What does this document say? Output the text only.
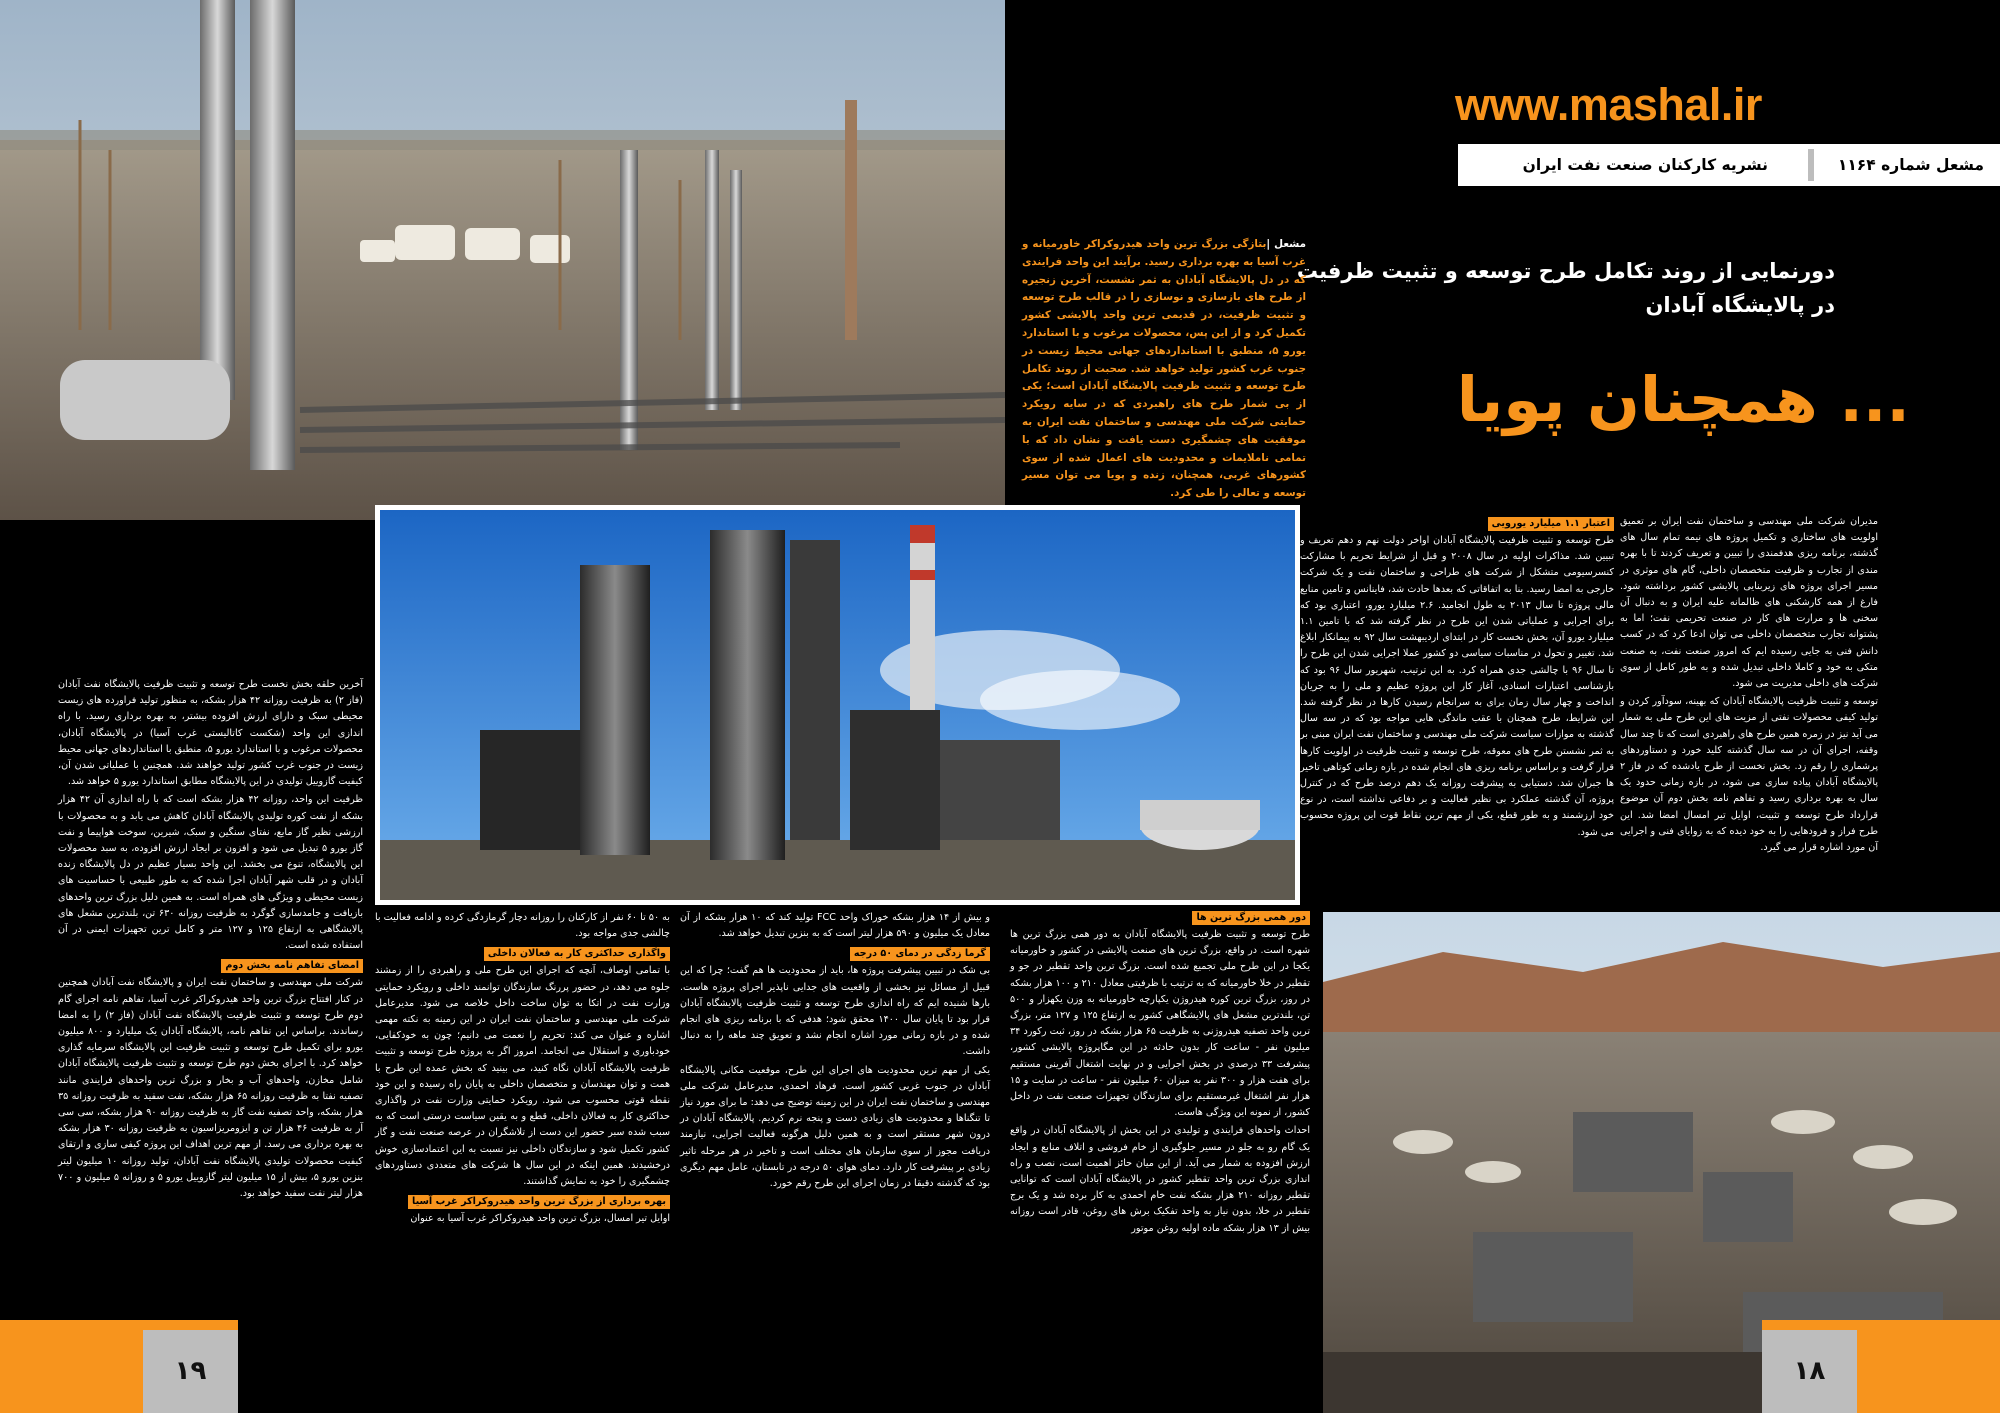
www.mashal.ir
نشریه کارکنان صنعت نفت ایران	مشعل شماره ۱۱۶۴
دورنمایی از روند تکامل طرح توسعه و تثبیت ظرفیت
در پالایشگاه آبادان
... همچنان پویا
مشعل |بتازگی بزرگ ترین واحد هیدروکراکر خاورمیانه و غرب آسیا به بهره برداری رسید. برآیند این واحد فرایندی که در دل پالایشگاه آبادان به ثمر نشست، آخرین زنجیره از طرح های بازسازی و نوسازی را در قالب طرح توسعه و تثبیت ظرفیت، در قدیمی ترین واحد پالایشی کشور تکمیل کرد و از این پس، محصولات مرغوب و با استاندارد یورو ۵، منطبق با استانداردهای جهانی محیط زیست در جنوب غرب کشور تولید خواهد شد. صحبت از روند تکامل طرح توسعه و تثبیت ظرفیت پالایشگاه آبادان است؛ یکی از بی شمار طرح های راهبردی که در سایه رویکرد حمایتی شرکت ملی مهندسی و ساختمان نفت ایران به موفقیت های چشمگیری دست یافت و نشان داد که با تمامی ناملایمات و محدودیت های اعمال شده از سوی کشورهای غربی، همچنان، زنده و پویا می توان مسیر توسعه و تعالی را طی کرد.

مدیران شرکت ملی مهندسی و ساختمان نفت ایران بر تعمیق اولویت های ساختاری و تکمیل پروژه های نیمه تمام سال های گذشته، برنامه ریزی هدفمندی را تبیین و تعریف کردند تا با بهره مندی از تجارب و ظرفیت متخصصان داخلی، گام های موثری در مسیر اجرای پروژه های زیربنایی پالایشی کشور برداشته شود. فارغ از همه کارشکنی های ظالمانه علیه ایران و به دنبال آن سخنی ها و مرارت های کار در صنعت تحریمی نفت؛ اما به پشتوانه تجارب متخصصان داخلی می توان ادعا کرد که در کسب دانش فنی به جایی رسیده ایم که امروز صنعت نفت، به صنعت متکی به خود و کاملا داخلی تبدیل شده و به طور کامل از سوی شرکت های داخلی مدیریت می شود.

توسعه و تثبیت ظرفیت پالایشگاه آبادان که بهینه، سودآور کردن و تولید کیفی محصولات نفتی از مزیت های این طرح ملی به شمار می آید نیز در زمره همین طرح های راهبردی است که تا چند سال وقفه، اجرای آن در سه سال گذشته کلید خورد و دستاوردهای پرشماری را رقم زد. بخش نخست از طرح یادشده که در فاز ۲ پالایشگاه آبادان پیاده سازی می شود، در بازه زمانی حدود یک سال به بهره برداری رسید و تفاهم نامه بخش دوم آن موضوع قرارداد طرح توسعه و تثبیت، اوایل تیر امسال امضا شد. این طرح فراز و فرودهایی را به خود دیده که به زوایای فنی و اجرایی آن مورد اشاره قرار می گیرد.

اعتبار ۱.۱ میلیارد یورویی

طرح توسعه و تثبیت ظرفیت پالایشگاه آبادان اواخر دولت نهم و دهم تعریف و تبیین شد. مذاکرات اولیه در سال ۲۰۰۸ و قبل از شرایط تحریم با مشارکت کنسرسیومی متشکل از شرکت های طراحی و ساختمان نفت و یک شرکت خارجی به امضا رسید. بنا به اتفاقاتی که بعدها حادث شد، فاینانس و تامین منابع مالی پروژه تا سال ۲۰۱۳ به طول انجامید. ۲.۶ میلیارد یورو، اعتباری بود که برای اجرایی و عملیاتی شدن این طرح در نظر گرفته شد که با تامین ۱.۱ میلیارد یورو آن، بخش نخست کار در ابتدای اردیبهشت سال ۹۲ به پیمانکار ابلاغ شد. تغییر و تحول در مناسبات سیاسی دو کشور عملا اجرایی شدن این طرح را تا سال ۹۶ با چالشی جدی همراه کرد. به این ترتیب، شهریور سال ۹۶ بود که بازشناسی اعتبارات اسنادی، آغاز کار این پروژه عظیم و ملی را به جریان انداخت و چهار سال زمان برای به سرانجام رسیدن کارها در نظر گرفته شد. این شرایط، طرح همچنان با عقب ماندگی هایی مواجه بود که در سه سال گذشته به موازات سیاست شرکت ملی مهندسی و ساختمان نفت ایران مبنی بر به ثمر نشستن طرح های معوقه، طرح توسعه و تثبیت ظرفیت در اولویت کارها قرار گرفت و براساس برنامه ریزی های انجام شده در بازه زمانی کوتاهی تاخیر ها جبران شد. دستیابی به پیشرفت روزانه یک دهم درصد طرح که در کنترل پروژه، آن گذشته عملکرد بی نظیر فعالیت و بر دفاعی نداشته است، در نوع خود ارزشمند و به طور قطع، یکی از مهم ترین نقاط قوت این پروژه محسوب می شود.

دور همی بزرگ ترین ها

طرح توسعه و تثبیت ظرفیت پالایشگاه آبادان به دور همی بزرگ ترین ها شهره است. در واقع، بزرگ ترین های صنعت پالایشی در کشور و خاورمیانه یکجا در این طرح ملی تجمیع شده است. بزرگ ترین واحد تقطیر در جو و تقطیر در خلا خاورمیانه که به ترتیب با ظرفیتی معادل ۲۱۰ و ۱۰۰ هزار بشکه در روز، بزرگ ترین کوره هیدروژن یکپارچه خاورمیانه به وزن یکهزار و ۵۰۰ تن، بلندترین مشعل های پالایشگاهی کشور به ارتفاع ۱۲۵ و ۱۲۷ متر، بزرگ ترین واحد تصفیه هیدروژنی به ظرفیت ۶۵ هزار بشکه در روز، ثبت رکورد ۳۴ میلیون نفر - ساعت کار بدون حادثه در این مگاپروژه پالایشی کشور، پیشرفت ۳۳ درصدی در بخش اجرایی و در نهایت اشتغال آفرینی مستقیم برای هفت هزار و ۳۰۰ نفر به میزان ۶۰ میلیون نفر - ساعت در سایت و ۱۵ هزار نفر اشتغال غیرمستقیم برای سازندگان تجهیزات صنعت نفت در داخل کشور، از نمونه این ویژگی هاست.

احداث واحدهای فرایندی و تولیدی در این بخش از پالایشگاه آبادان در واقع یک گام رو به جلو در مسیر جلوگیری از خام فروشی و اتلاف منابع و ایجاد ارزش افزوده به شمار می آید. از این میان حائز اهمیت است، نصب و راه اندازی بزرگ ترین واحد تقطیر کشور در پالایشگاه آبادان است که توانایی تقطیر روزانه ۲۱۰ هزار بشکه نفت خام احمدی به کار برده شد و یک برج تقطیر در خلا، بدون نیاز به واحد تفکیک برش های روغن، قادر است روزانه بیش از ۱۳ هزار بشکه ماده اولیه روغن موتور

و بیش از ۱۴ هزار بشکه خوراک واحد FCC تولید کند که ۱۰ هزار بشکه از آن معادل یک میلیون و ۵۹۰ هزار لیتر است که به بنزین تبدیل خواهد شد.

گرما زدگی در دمای ۵۰ درجه

بی شک در تبیین پیشرفت پروژه ها، باید از محدودیت ها هم گفت؛ چرا که این قبیل از مسائل نیز بخشی از واقعیت های جدایی ناپذیر اجرای پروژه هاست. بارها شنیده ایم که راه اندازی طرح توسعه و تثبیت ظرفیت پالایشگاه آبادان قرار بود تا پایان سال ۱۴۰۰ محقق شود؛ هدفی که با برنامه ریزی های انجام شده و در بازه زمانی مورد اشاره انجام نشد و تعویق چند ماهه را به دنبال داشت.

یکی از مهم ترین محدودیت های اجرای این طرح، موقعیت مکانی پالایشگاه آبادان در جنوب غربی کشور است. فرهاد احمدی، مدیرعامل شرکت ملی مهندسی و ساختمان نفت ایران در این زمینه توضیح می دهد: ما برای مورد نیاز تا تنگناها و محدودیت های زیادی دست و پنجه نرم کردیم. پالایشگاه آبادان در درون شهر مستقر است و به همین دلیل هرگونه فعالیت اجرایی، نیازمند دریافت مجوز از سوی سازمان های مختلف است و تاخیر در هر مرحله تاثیر زیادی بر پیشرفت کار دارد. دمای هوای ۵۰ درجه در تابستان، عامل مهم دیگری بود که گذشته دقیقا در زمان اجرای این طرح رقم خورد.

به ۵۰ تا ۶۰ نفر از کارکنان را روزانه دچار گرمازدگی کرده و ادامه فعالیت با چالشی جدی مواجه بود.

واگذاری حداکثری کار به فعالان داخلی

با تمامی اوصاف، آنچه که اجرای این طرح ملی و راهبردی را از زمشند جلوه می دهد، در حضور پررنگ سازندگان توانمند داخلی و رویکرد حمایتی وزارت نفت در اتکا به توان ساخت داخل خلاصه می شود. مدیرعامل شرکت ملی مهندسی و ساختمان نفت ایران در این زمینه به نکته مهمی اشاره و عنوان می کند: تحریم را نعمت می دانیم؛ چون به خودکفایی، خودباوری و استقلال می انجامد. امروز اگر به پروژه طرح توسعه و تثبیت ظرفیت پالایشگاه آبادان نگاه کنید، می بینید که بخش عمده این طرح با همت و توان مهندسان و متخصصان داخلی به پایان راه رسیده و این خود نقطه قوتی محسوب می شود. رویکرد حمایتی وزارت نفت در واگذاری حداکثری کار به فعالان داخلی، قطع و به یقین سیاست درستی است که به سبب شده سبر حضور این دست از تلاشگران در عرصه صنعت نفت و گاز کشور تکمیل شود و سازندگان داخلی نیز نسبت به این اعتمادسازی خوش درخشیدند. همین اینکه در این سال ها شرکت های متعددی دستاوردهای چشمگیری را خود به نمایش گذاشتند.

بهره برداری از بزرگ ترین واحد هیدروکراکر غرب آسیا

اوایل تیر امسال، بزرگ ترین واحد هیدروکراکر غرب آسیا به عنوان

آخرین حلقه بخش نخست طرح توسعه و تثبیت ظرفیت پالایشگاه نفت آبادان (فاز ۲) به ظرفیت روزانه ۴۲ هزار بشکه، به منظور تولید فراورده های زیست محیطی سبک و دارای ارزش افزوده بیشتر، به بهره برداری رسید. با راه اندازی این واحد (شکست کاتالیستی غرب آسیا) در پالایشگاه آبادان، محصولات مرغوب و با استاندارد یورو ۵، منطبق با استانداردهای جهانی محیط زیست در جنوب غرب کشور تولید خواهند شد. همچنین با عملیاتی شدن آن، کیفیت گازوییل تولیدی در این پالایشگاه مطابق استاندارد یورو ۵ خواهد شد.

ظرفیت این واحد، روزانه ۴۲ هزار بشکه است که با راه اندازی آن ۴۲ هزار بشکه از نفت کوره تولیدی پالایشگاه آبادان کاهش می یابد و به محصولات با ارزشی نظیر گاز مایع، نفتای سنگین و سبک، شیرین، سوخت هواپیما و نفت گاز یورو ۵ تبدیل می شود و افزون بر ایجاد ارزش افزوده، به سبد محصولات این پالایشگاه، تنوع می بخشد. این واحد بسیار عظیم در دل پالایشگاه زنده آبادان و در قلب شهر آبادان اجرا شده که به طور طبیعی با حساسیت های زیست محیطی و ویژگی های همراه است. به همین دلیل بزرگ ترین واحدهای بازیافت و جامدسازی گوگرد به ظرفیت روزانه ۶۳۰ تن، بلندترین مشعل های پالایشگاهی به ارتفاع ۱۲۵ و ۱۲۷ متر و کامل ترین تجهیزات ایمنی در آن استفاده شده است.

امضای تفاهم نامه بخش دوم

شرکت ملی مهندسی و ساختمان نفت ایران و پالایشگاه نفت آبادان همچنین در کنار افتتاح بزرگ ترین واحد هیدروکراکر غرب آسیا، تفاهم نامه اجرای گام دوم طرح توسعه و تثبیت ظرفیت پالایشگاه نفت آبادان (فاز ۲) را به امضا رساندند. براساس این تفاهم نامه، پالایشگاه آبادان یک میلیارد و ۸۰۰ میلیون یورو برای تکمیل طرح توسعه و تثبیت ظرفیت این پالایشگاه سرمایه گذاری خواهد کرد. با اجرای بخش دوم طرح توسعه و تثبیت ظرفیت پالایشگاه آبادان شامل مخازن، واحدهای آب و بخار و بزرگ ترین واحدهای فرایندی مانند تصفیه نفتا به ظرفیت روزانه ۶۵ هزار بشکه، نفت سفید به ظرفیت روزانه ۳۵ هزار بشکه، واحد تصفیه نفت گاز به ظرفیت روزانه ۹۰ هزار بشکه، سی سی آر به ظرفیت ۴۶ هزار تن و ایزومریزاسیون به ظرفیت روزانه ۳۰ هزار بشکه به بهره برداری می رسد. از مهم ترین اهداف این پروژه کیفی سازی و ارتقای کیفیت محصولات تولیدی پالایشگاه نفت آبادان، تولید روزانه ۱۰ میلیون لیتر بنزین یورو ۵، بیش از ۱۵ میلیون لیتر گازوییل یورو ۵ و روزانه ۵ میلیون و ۷۰۰ هزار لیتر نفت سفید خواهد بود.

۱۹	۱۸
